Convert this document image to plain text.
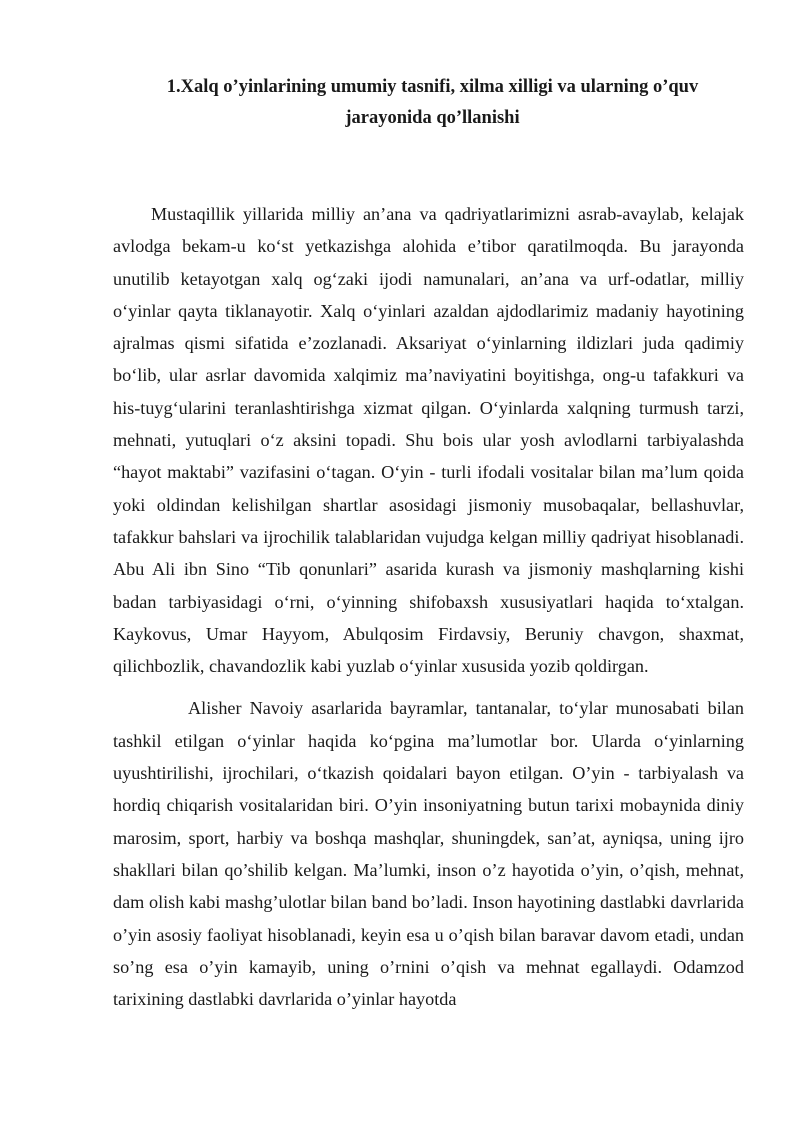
1.Xalq o’yinlarining umumiy tasnifi, xilma xilligi va ularning o’quv
jarayonida qo’llanishi

Mustaqillik yillarida milliy an’ana va qadriyatlarimizni asrab-avaylab, kelajak avlodga bekam-u ko‘st yetkazishga alohida e’tibor qaratilmoqda. Bu jarayonda unutilib ketayotgan xalq og‘zaki ijodi namunalari, an’ana va urf-odatlar, milliy o‘yinlar qayta tiklanayotir. Xalq o‘yinlari azaldan ajdodlarimiz madaniy hayotining ajralmas qismi sifatida e’zozlanadi. Aksariyat o‘yinlarning ildizlari juda qadimiy bo‘lib, ular asrlar davomida xalqimiz ma’naviyatini boyitishga, ong-u tafakkuri va his-tuyg‘ularini teranlashtirishga xizmat qilgan. O‘yinlarda xalqning turmush tarzi, mehnati, yutuqlari o‘z aksini topadi. Shu bois ular yosh avlodlarni tarbiyalashda “hayot maktabi” vazifasini o‘tagan. O‘yin - turli ifodali vositalar bilan ma’lum qoida yoki oldindan kelishilgan shartlar asosidagi jismoniy musobaqalar, bellashuvlar, tafakkur bahslari va ijrochilik talablaridan vujudga kelgan milliy qadriyat hisoblanadi. Abu Ali ibn Sino “Tib qonunlari” asarida kurash va jismoniy mashqlarning kishi badan tarbiyasidagi o‘rni, o‘yinning shifobaxsh xususiyatlari haqida to‘xtalgan. Kaykovus, Umar Hayyom, Abulqosim Firdavsiy, Beruniy chavgon, shaxmat, qilichbozlik, chavandozlik kabi yuzlab o‘yinlar xususida yozib qoldirgan.

Alisher Navoiy asarlarida bayramlar, tantanalar, to‘ylar munosabati bilan tashkil etilgan o‘yinlar haqida ko‘pgina ma’lumotlar bor. Ularda o‘yinlarning uyushtirilishi, ijrochilari, o‘tkazish qoidalari bayon etilgan. O’yin - tarbiyalash va hordiq chiqarish vositalaridan biri. O’yin insoniyatning butun tarixi mobaynida diniy marosim, sport, harbiy va boshqa mashqlar, shuningdek, san’at, ayniqsa, uning ijro shakllari bilan qo’shilib kelgan. Ma’lumki, inson o’z hayotida o’yin, o’qish, mehnat, dam olish kabi mashg’ulotlar bilan band bo’ladi. Inson hayotining dastlabki davrlarida o’yin asosiy faoliyat hisoblanadi, keyin esa u o’qish bilan baravar davom etadi, undan so’ng esa o’yin kamayib, uning o’rnini o’qish va mehnat egallaydi. Odamzod tarixining dastlabki davrlarida o’yinlar hayotda
